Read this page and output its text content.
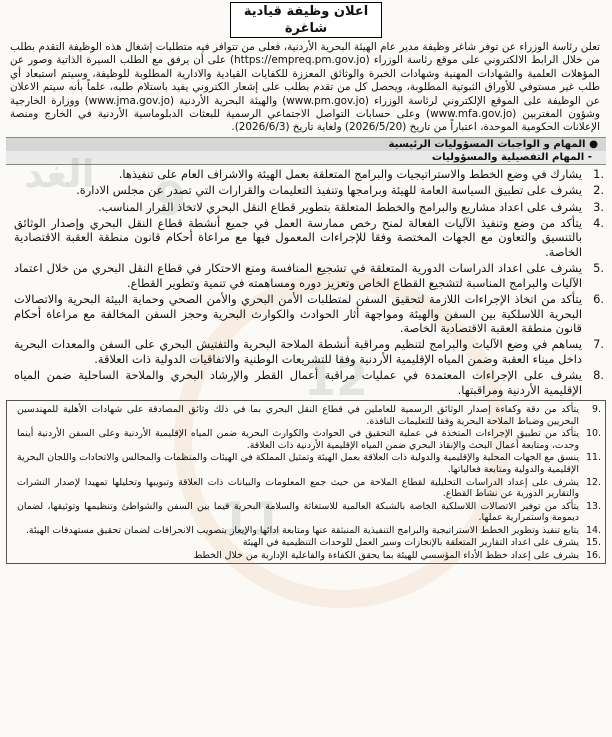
9
11
12
الغد
اعلان وظيفة قيادية شاغرة
تعلن رئاسة الوزراء عن توفر شاغر وظيفة مدير عام الهيئة البحرية الأردنية، فعلى من تتوافر فيه متطلبات إشغال هذه الوظيفة التقدم بطلب من خلال الرابط الالكتروني على موقع رئاسة الوزراء (https://empreq.pm.gov.jo) على أن يرفق مع الطلب السيرة الذاتية وصور عن المؤهلات العلمية والشهادات المهنية وشهادات الخبرة والوثائق المعززة للكفايات القيادية والادارية المطلوبة للوظيفة، وسيتم استبعاد أي طلب غير مستوفي للأوراق الثبوتية المطلوبة، ويحصل كل من تقدم بطلب على إشعار الكتروني يفيد باستلام طلبه، علماً بأنه سيتم الاعلان عن الوظيفة على الموقع الإلكتروني لرئاسة الوزراء (www.pm.gov.jo) والهيئة البحرية الأردنية (www.jma.gov.jo) ووزارة الخارجية وشؤون المغتربين (www.mfa.gov.jo) وعلى حسابات التواصل الاجتماعي الرسمية للبعثات الدبلوماسية الأردنية في الخارج ومنصة الإعلانات الحكومية الموحدة، اعتباراً من تاريخ (2026/5/20) ولغاية تاريخ (2026/6/3).
● المهام و الواجبات المسؤوليات الرئيسية
- المهام التفصيلية والمسؤوليات
1.
يشارك في وضع الخطط والاستراتيجيات والبرامج المتعلقة بعمل الهيئة والاشراف العام على تنفيذها.
2.
يشرف على تطبيق السياسة العامة للهيئة وبرامجها وتنفيذ التعليمات والقرارات التي تصدر عن مجلس الادارة.
3.
يشرف على اعداد مشاريع والبرامج والخطط المتعلقة بتطوير قطاع النقل البحري لاتخاذ القرار المناسب.
4.
يتأكد من وضع وتنفيذ الآليات الفعالة لمنح رخص ممارسة العمل في جميع أنشطة قطاع النقل البحري وإصدار الوثائق بالتنسيق والتعاون مع الجهات المختصة وفقا للإجراءات المعمول فيها مع مراعاة أحكام قانون منطقة العقبة الاقتصادية الخاصة.
5.
يشرف على اعداد الدراسات الدورية المتعلقة في تشجيع المنافسة ومنع الاحتكار في قطاع النقل البحري من خلال اعتماد الآليات والبرامج المناسبة لتشجيع القطاع الخاص وتعزيز دوره ومساهمته في تنمية وتطوير القطاع.
6.
يتأكد من اتخاذ الإجراءات اللازمة لتحقيق السفن لمتطلبات الأمن البحري والأمن الصحي وحماية البيئة البحرية والاتصالات البحرية اللاسلكية بين السفن والهيئة ومواجهة أثار الحوادث والكوارث البحرية وحجز السفن المخالفة مع مراعاة أحكام قانون منطقة العقبة الاقتصادية الخاصة.
7.
يساهم في وضع الآليات والبرامج لتنظيم ومراقبة أنشطة الملاحة البحرية والتفتيش البحري على السفن والمعدات البحرية داخل ميناء العقبة وضمن المياه الإقليمية الأردنية وفقا للتشريعات الوطنية والاتفاقيات الدولية ذات العلاقة.
8.
يشرف على الإجراءات المعتمدة في عمليات مراقبة أعمال القطر والإرشاد البحري والملاحة الساحلية ضمن المياه الإقليمية الأردنية ومراقبتها.
9.
يتأكد من دقة وكفاءة إصدار الوثائق الرسمية للعاملين في قطاع النقل البحري بما في ذلك وثائق المصادقة على شهادات الأهلية للمهندسين البحريين وضباط الملاحة البحرية وفقا للتعليمات النافذة.
10.
يتأكد من تطبيق الإجراءات المتخذة في عملية التحقيق في الحوادث والكوارث البحرية ضمن المياه الإقليمية الأردنية وعلى السفن الأردنية أينما وجدت، ومتابعة أعمال البحث والإنقاذ البحري ضمن المياه الإقليمية الأردنية ذات العلاقة.
11.
ينسق مع الجهات المحلية والإقليمية والدولية ذات العلاقة بعمل الهيئة وتمثيل المملكة في الهيئات والمنظمات والمجالس والاتحادات واللجان البحرية الإقليمية والدولية ومتابعة فعالياتها.
12.
يشرف على إعداد الدراسات التحليلية لقطاع الملاحة من حيث جمع المعلومات والبيانات ذات العلاقة وتبويبها وتحليلها تمهيدا لإصدار النشرات والتقارير الدورية عن نشاط القطاع.
13.
يتأكد من توفير الاتصالات اللاسلكية الخاصة بالشبكة العالمية للاستغاثة والسلامة البحرية فيما بين السفن والشواطئ وتنظيمها وتوثيقها، لضمان ديمومة واستمرارية عملها.
14.
يتابع تنفيذ وتطوير الخطط الاستراتيجية والبرامج التنفيذية المنبثقة عنها ومتابعة ادائها والإيعاز بتصويب الانحرافات لضمان تحقيق مستهدفات الهيئة.
15.
يشرف على اعداد التقارير المتعلقة بالإنجازات وسير العمل للوحدات التنظيمية في الهيئة
16.
يشرف على إعداد خطط الأداء المؤسسي للهيئة بما يحقق الكفاءة والفاعلية الإدارية من خلال الخطط
